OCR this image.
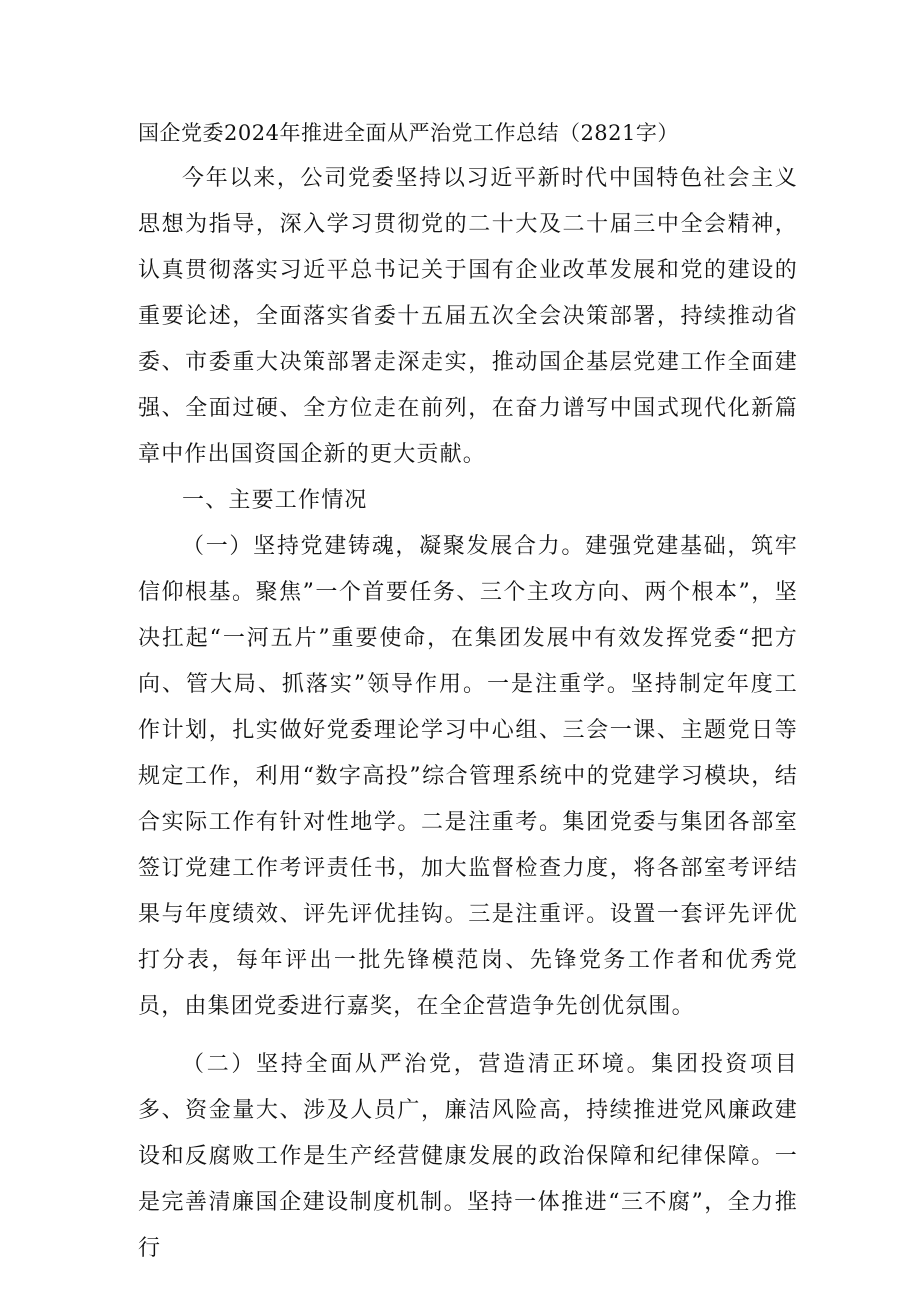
国企党委2024年推进全面从严治党工作总结（2821字）

今年以来，公司党委坚持以习近平新时代中国特色社会主义思想为指导，深入学习贯彻党的二十大及二十届三中全会精神，认真贯彻落实习近平总书记关于国有企业改革发展和党的建设的重要论述，全面落实省委十五届五次全会决策部署，持续推动省委、市委重大决策部署走深走实，推动国企基层党建工作全面建强、全面过硬、全方位走在前列，在奋力谱写中国式现代化新篇章中作出国资国企新的更大贡献。

一、主要工作情况

（一）坚持党建铸魂，凝聚发展合力。建强党建基础，筑牢信仰根基。聚焦”一个首要任务、三个主攻方向、两个根本”，坚决扛起“一河五片”重要使命，在集团发展中有效发挥党委“把方向、管大局、抓落实”领导作用。一是注重学。坚持制定年度工作计划，扎实做好党委理论学习中心组、三会一课、主题党日等规定工作，利用“数字高投”综合管理系统中的党建学习模块，结合实际工作有针对性地学。二是注重考。集团党委与集团各部室签订党建工作考评责任书，加大监督检查力度，将各部室考评结果与年度绩效、评先评优挂钩。三是注重评。设置一套评先评优打分表，每年评出一批先锋模范岗、先锋党务工作者和优秀党员，由集团党委进行嘉奖，在全企营造争先创优氛围。

（二）坚持全面从严治党，营造清正环境。集团投资项目多、资金量大、涉及人员广，廉洁风险高，持续推进党风廉政建设和反腐败工作是生产经营健康发展的政治保障和纪律保障。一是完善清廉国企建设制度机制。坚持一体推进“三不腐”，全力推行
